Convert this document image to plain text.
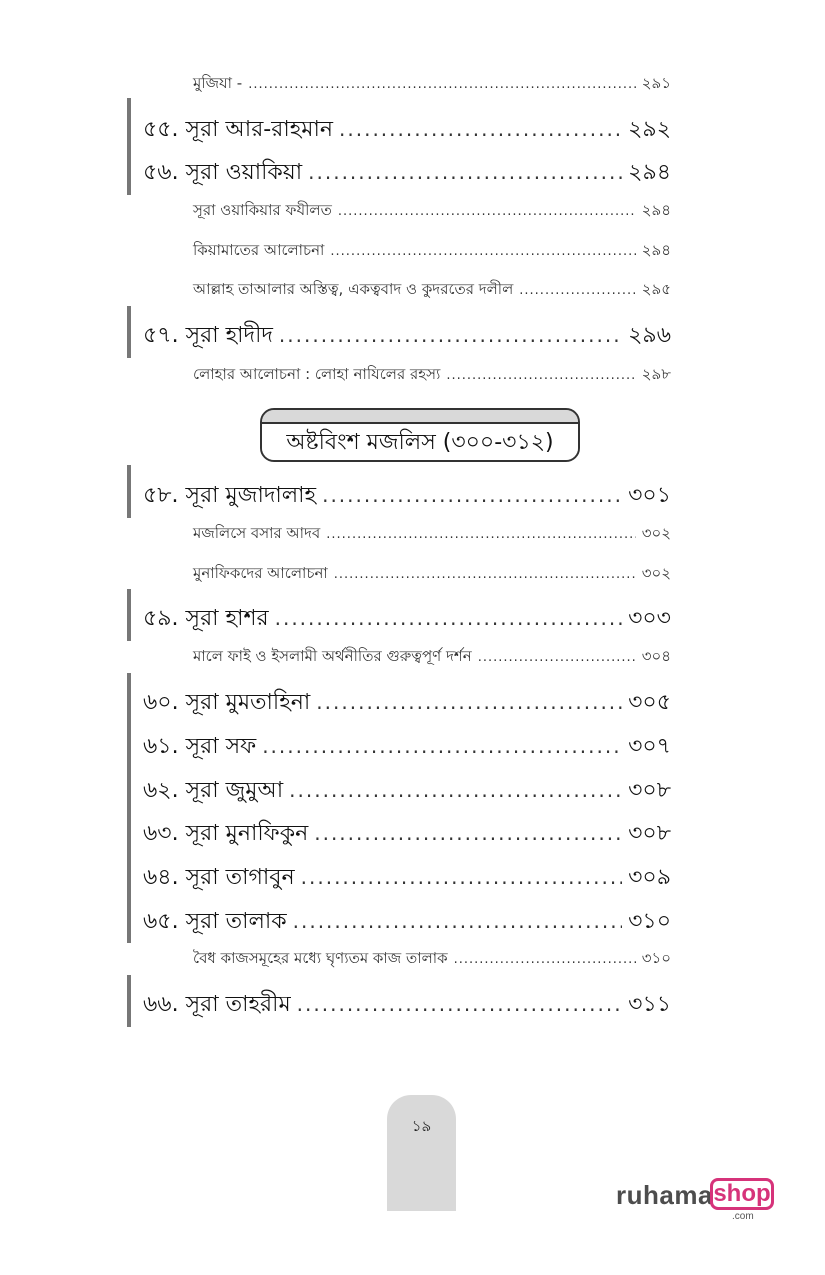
মুজিযা - .....	২৯১
৫৫. সূরা আর-রাহমান .....	২৯২
৫৬. সূরা ওয়াকিয়া .....	২৯৪
সূরা ওয়াকিয়ার ফযীলত .....	২৯৪
কিয়ামাতের আলোচনা .....	২৯৪
আল্লাহ তাআলার অস্তিত্ব, একত্ববাদ ও কুদরতের দলীল .....	২৯৫
৫৭. সূরা হাদীদ .....	২৯৬
লোহার আলোচনা : লোহা নাযিলের রহস্য .....	২৯৮
অষ্টবিংশ মজলিস (৩০০-৩১২)
৫৮. সূরা মুজাদালাহ .....	৩০১
মজলিসে বসার আদব .....	৩০২
মুনাফিকদের আলোচনা .....	৩০২
৫৯. সূরা হাশর .....	৩০৩
মালে ফাই ও ইসলামী অর্থনীতির গুরুত্বপূর্ণ দর্শন .....	৩০৪
৬০. সূরা মুমতাহিনা .....	৩০৫
৬১. সূরা সফ .....	৩০৭
৬২. সূরা জুমুআ .....	৩০৮
৬৩. সূরা মুনাফিকুন .....	৩০৮
৬৪. সূরা তাগাবুন .....	৩০৯
৬৫. সূরা তালাক .....	৩১০
বৈধ কাজসমূহের মধ্যে ঘৃণ্যতম কাজ তালাক .....	৩১০
৬৬. সূরা তাহরীম .....	৩১১
১৯
ruhama shop
.com
